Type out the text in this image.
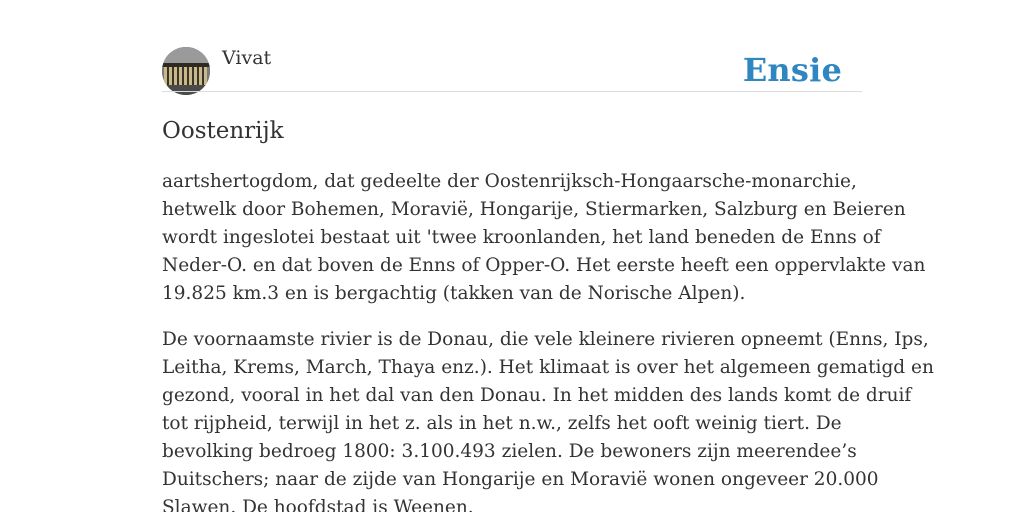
Vivat	Ensie

Oostenrijk

aartshertogdom, dat gedeelte der Oostenrijksch-Hongaarsche-monarchie,
hetwelk door Bohemen, Moravië, Hongarije, Stiermarken, Salzburg en Beieren
wordt ingeslotei bestaat uit 'twee kroonlanden, het land beneden de Enns of
Neder-O. en dat boven de Enns of Opper-O. Het eerste heeft een oppervlakte van
19.825 km.3 en is bergachtig (takken van de Norische Alpen).

De voornaamste rivier is de Donau, die vele kleinere rivieren opneemt (Enns, Ips,
Leitha, Krems, March, Thaya enz.). Het klimaat is over het algemeen gematigd en
gezond, vooral in het dal van den Donau. In het midden des lands komt de druif
tot rijpheid, terwijl in het z. als in het n.w., zelfs het ooft weinig tiert. De
bevolking bedroeg 1800: 3.100.493 zielen. De bewoners zijn meerendee’s
Duitschers; naar de zijde van Hongarije en Moravië wonen ongeveer 20.000
Slawen. De hoofdstad is Weenen.
